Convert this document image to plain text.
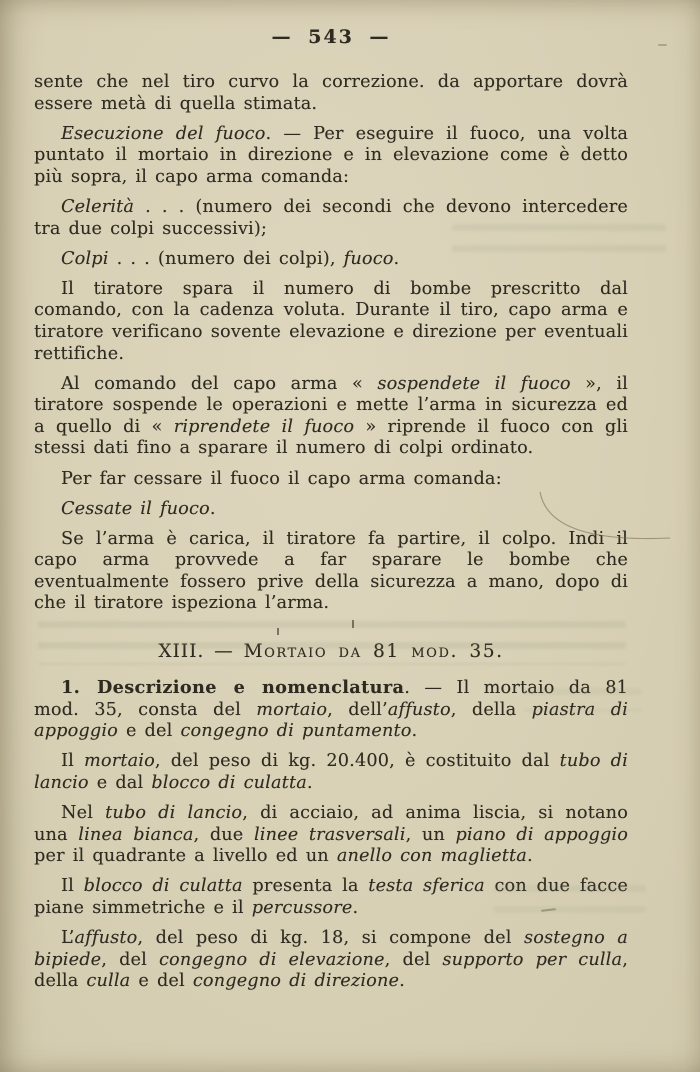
— 543 —

sente che nel tiro curvo la correzione. da apportare dovrà essere metà di quella stimata.

Esecuzione del fuoco. — Per eseguire il fuoco, una volta puntato il mortaio in direzione e in elevazione come è detto più sopra, il capo arma comanda:

Celerità . . . (numero dei secondi che devono intercedere tra due colpi successivi);

Colpi . . . (numero dei colpi), fuoco.

Il tiratore spara il numero di bombe prescritto dal comando, con la cadenza voluta. Durante il tiro, capo arma e tiratore verificano sovente elevazione e direzione per eventuali rettifiche.

Al comando del capo arma « sospendete il fuoco », il tiratore sospende le operazioni e mette l’arma in sicurezza ed a quello di « riprendete il fuoco » riprende il fuoco con gli stessi dati fino a sparare il numero di colpi ordinato.

Per far cessare il fuoco il capo arma comanda:

Cessate il fuoco.

Se l’arma è carica, il tiratore fa partire, il colpo. Indi il capo arma provvede a far sparare le bombe che eventualmente fossero prive della sicurezza a mano, dopo di che il tiratore ispeziona l’arma.

XIII. — Mortaio da 81 mod. 35.

1. Descrizione e nomenclatura. — Il mortaio da 81 mod. 35, consta del mortaio, dell’affusto, della piastra di appoggio e del congegno di puntamento.

Il mortaio, del peso di kg. 20.400, è costituito dal tubo di lancio e dal blocco di culatta.

Nel tubo di lancio, di acciaio, ad anima liscia, si notano una linea bianca, due linee trasversali, un piano di appoggio per il quadrante a livello ed un anello con maglietta.

Il blocco di culatta presenta la testa sferica con due facce piane simmetriche e il percussore.

L’affusto, del peso di kg. 18, si compone del sostegno a bipiede, del congegno di elevazione, del supporto per culla, della culla e del congegno di direzione.
